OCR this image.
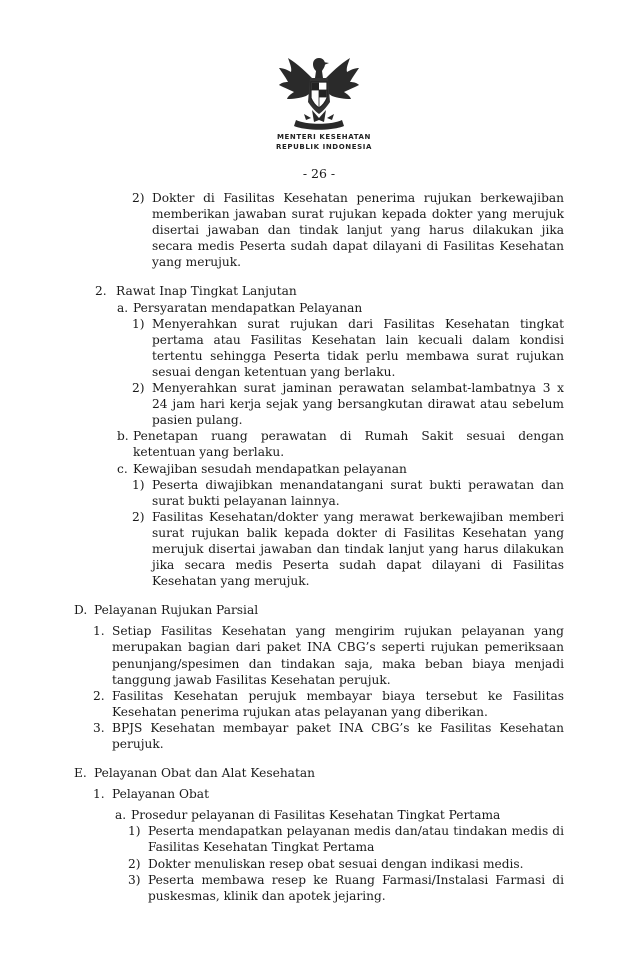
MENTERI KESEHATAN
REPUBLIK INDONESIA
- 26 -
2) Dokter di Fasilitas Kesehatan penerima rujukan berkewajiban memberikan jawaban surat rujukan kepada dokter yang merujuk disertai jawaban dan tindak lanjut yang harus dilakukan jika secara medis Peserta sudah dapat dilayani di Fasilitas Kesehatan yang merujuk.
2. Rawat Inap Tingkat Lanjutan
a. Persyaratan mendapatkan Pelayanan
1) Menyerahkan surat rujukan dari Fasilitas Kesehatan tingkat pertama atau Fasilitas Kesehatan lain kecuali dalam kondisi tertentu sehingga Peserta tidak perlu membawa surat rujukan sesuai dengan ketentuan yang berlaku.
2) Menyerahkan surat jaminan perawatan selambat-lambatnya 3 x 24 jam hari kerja sejak yang bersangkutan dirawat atau sebelum pasien pulang.
b. Penetapan ruang perawatan di Rumah Sakit sesuai dengan ketentuan yang berlaku.
c. Kewajiban sesudah mendapatkan pelayanan
1) Peserta diwajibkan menandatangani surat bukti perawatan dan surat bukti pelayanan lainnya.
2) Fasilitas Kesehatan/dokter yang merawat berkewajiban memberi surat rujukan balik kepada dokter di Fasilitas Kesehatan yang merujuk disertai jawaban dan tindak lanjut yang harus dilakukan jika secara medis Peserta sudah dapat dilayani di Fasilitas Kesehatan yang merujuk.
D. Pelayanan Rujukan Parsial
1. Setiap Fasilitas Kesehatan yang mengirim rujukan pelayanan yang merupakan bagian dari paket INA CBG’s seperti rujukan pemeriksaan penunjang/spesimen dan tindakan saja, maka beban biaya menjadi tanggung jawab Fasilitas Kesehatan perujuk.
2. Fasilitas Kesehatan perujuk membayar biaya tersebut ke Fasilitas Kesehatan penerima rujukan atas pelayanan yang diberikan.
3. BPJS Kesehatan membayar paket INA CBG’s ke Fasilitas Kesehatan perujuk.
E. Pelayanan Obat dan Alat Kesehatan
1. Pelayanan Obat
a. Prosedur pelayanan di Fasilitas Kesehatan Tingkat Pertama
1) Peserta mendapatkan pelayanan medis dan/atau tindakan medis di Fasilitas Kesehatan Tingkat Pertama
2) Dokter menuliskan resep obat sesuai dengan indikasi medis.
3) Peserta membawa resep ke Ruang Farmasi/Instalasi Farmasi di puskesmas, klinik dan apotek jejaring.
